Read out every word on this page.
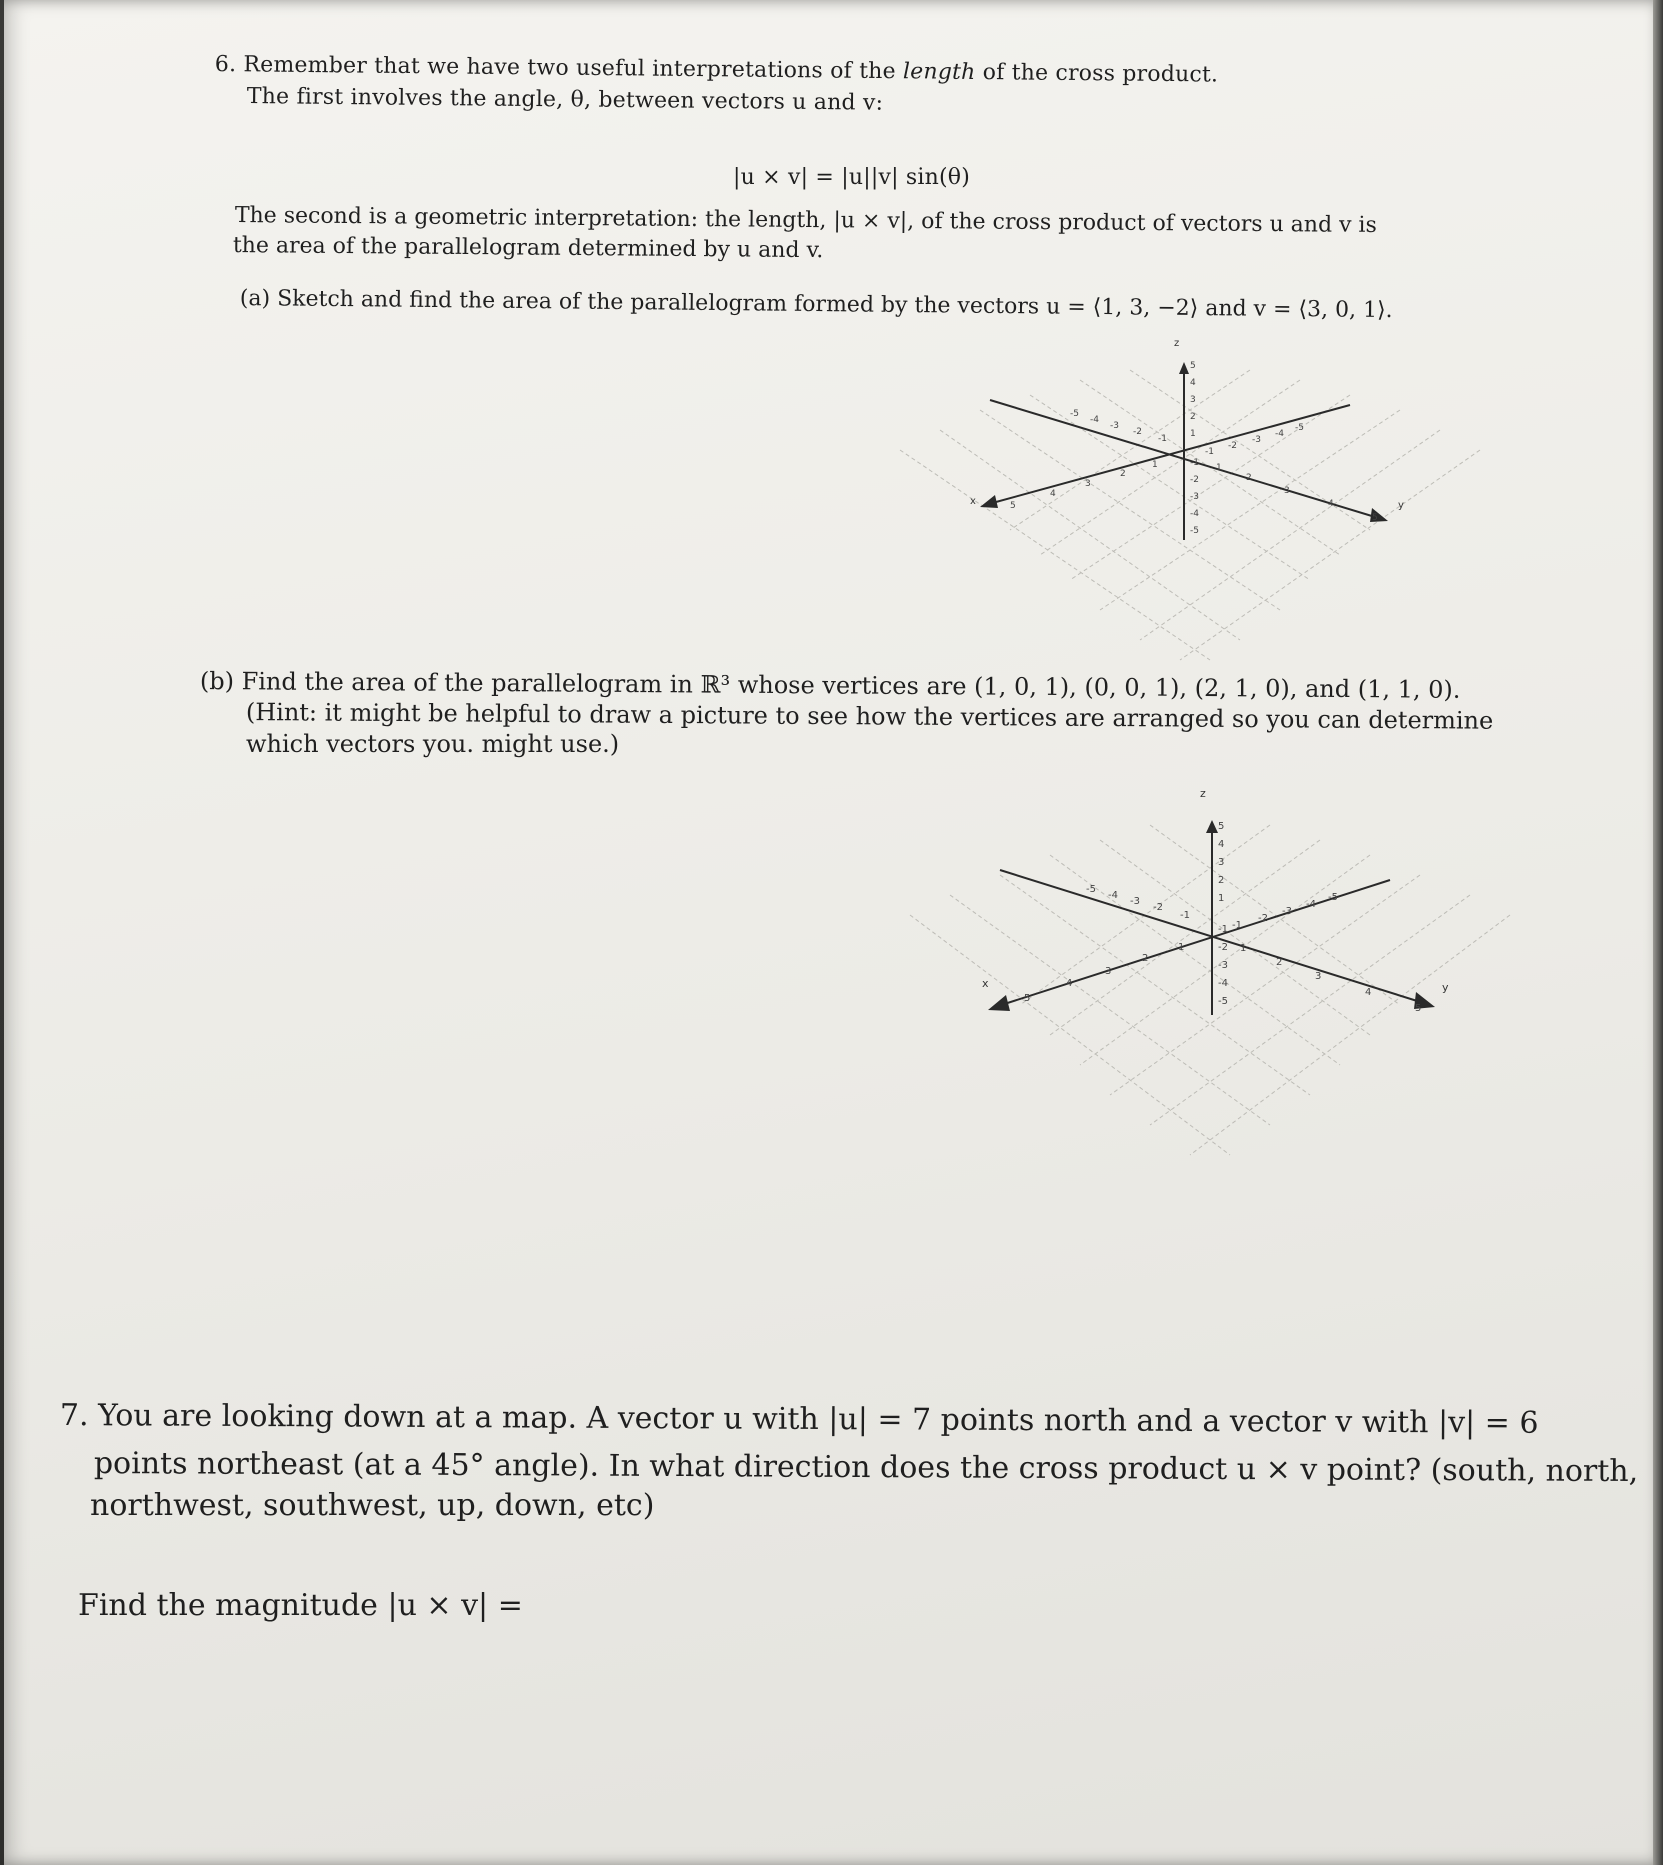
6. Remember that we have two useful interpretations of the length of the cross product.
The first involves the angle, θ, between vectors u and v:
|u × v| = |u||v| sin(θ)
The second is a geometric interpretation: the length, |u × v|, of the cross product of vectors u and v is
the area of the parallelogram determined by u and v.
(a) Sketch and find the area of the parallelogram formed by the vectors u = ⟨1, 3, −2⟩ and v = ⟨3, 0, 1⟩.
z
x	y
5
4
3
2
1
-1
-2
-3
-4
-5
-5
-4
-3
-2
-1
1
2
3
4
5
-1
-2
-3
-4
-5
1
2
3
4
5
(b) Find the area of the parallelogram in ℝ³ whose vertices are (1, 0, 1), (0, 0, 1), (2, 1, 0), and (1, 1, 0).
(Hint: it might be helpful to draw a picture to see how the vertices are arranged so you can determine
which vectors you. might use.)
z
x	y
5
4
3
2
1
-1
-2
-3
-4
-5
-5
-4
-3
-2
-1
1
2
3
4
5
-1
-2
-3
-4
-5
1
2
3
4
5
7. You are looking down at a map. A vector u with |u| = 7 points north and a vector v with |v| = 6
points northeast (at a 45° angle). In what direction does the cross product u × v point? (south, north,
northwest, southwest, up, down, etc)
Find the magnitude |u × v| =
